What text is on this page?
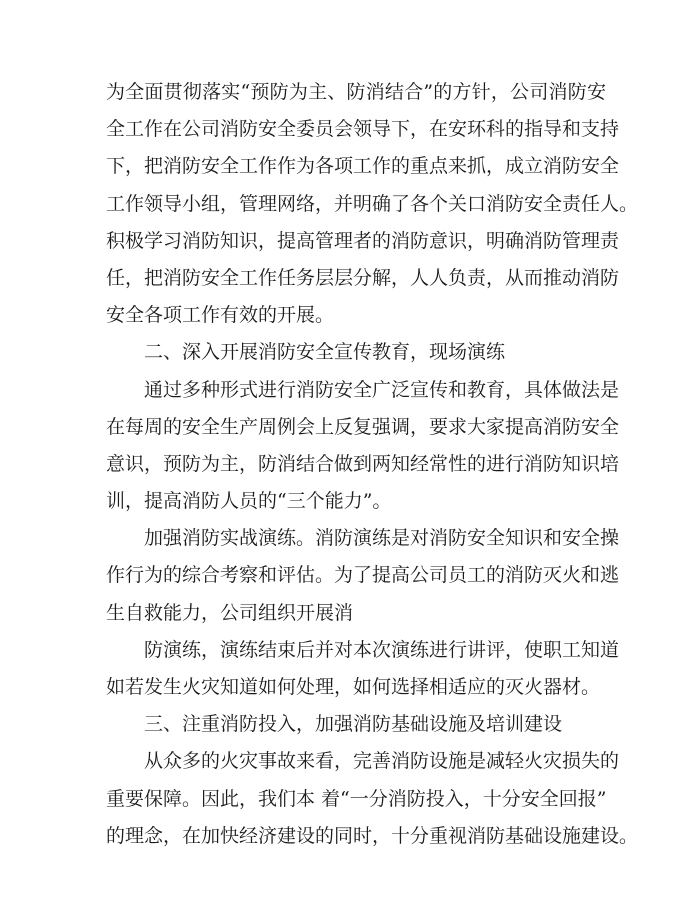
为全面贯彻落实“预防为主、防消结合”的方针，公司消防安
全工作在公司消防安全委员会领导下，在安环科的指导和支持
下，把消防安全工作作为各项工作的重点来抓，成立消防安全
工作领导小组，管理网络，并明确了各个关口消防安全责任人。
积极学习消防知识，提高管理者的消防意识，明确消防管理责
任，把消防安全工作任务层层分解，人人负责，从而推动消防
安全各项工作有效的开展。
二、深入开展消防安全宣传教育，现场演练
通过多种形式进行消防安全广泛宣传和教育，具体做法是
在每周的安全生产周例会上反复强调，要求大家提高消防安全
意识，预防为主，防消结合做到两知经常性的进行消防知识培
训，提高消防人员的“三个能力”。
加强消防实战演练。消防演练是对消防安全知识和安全操
作行为的综合考察和评估。为了提高公司员工的消防灭火和逃
生自救能力，公司组织开展消
防演练，演练结束后并对本次演练进行讲评，使职工知道
如若发生火灾知道如何处理，如何选择相适应的灭火器材。
三、注重消防投入，加强消防基础设施及培训建设
从众多的火灾事故来看，完善消防设施是减轻火灾损失的
重要保障。因此，我们本 着“一分消防投入，十分安全回报”
的理念，在加快经济建设的同时，十分重视消防基础设施建设。
